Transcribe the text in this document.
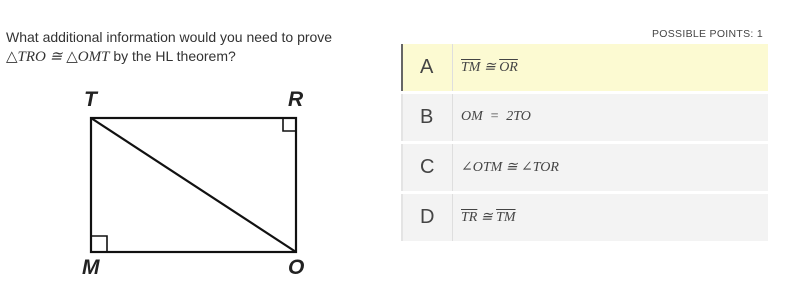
What additional information would you need to prove
△TRO ≅ △OMT by the HL theorem?
T	R
M	O
POSSIBLE POINTS: 1
A	$\overline{TM}$ ≅ $\overline{OR}$
B	OM  =  2TO
C	∠OTM ≅ ∠TOR
D	$\overline{TR}$ ≅ $\overline{TM}$
